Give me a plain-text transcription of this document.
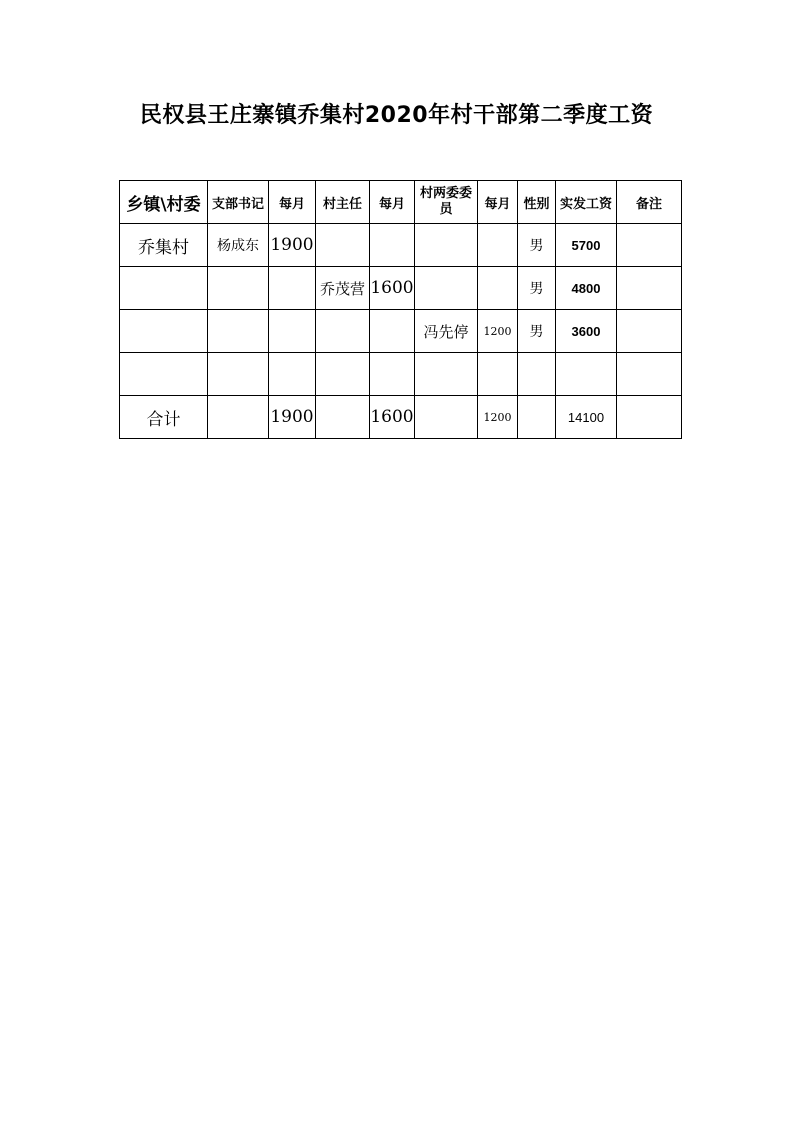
民权县王庄寨镇乔集村2020年村干部第二季度工资
乡镇\村委	支部书记	每月	村主任	每月	村两委委员	每月	性别	实发工资	备注
乔集村	杨成东	1900					男	5700	
			乔茂营	1600			男	4800	
					冯先停	1200	男	3600	

合计		1900		1600		1200		14100	
